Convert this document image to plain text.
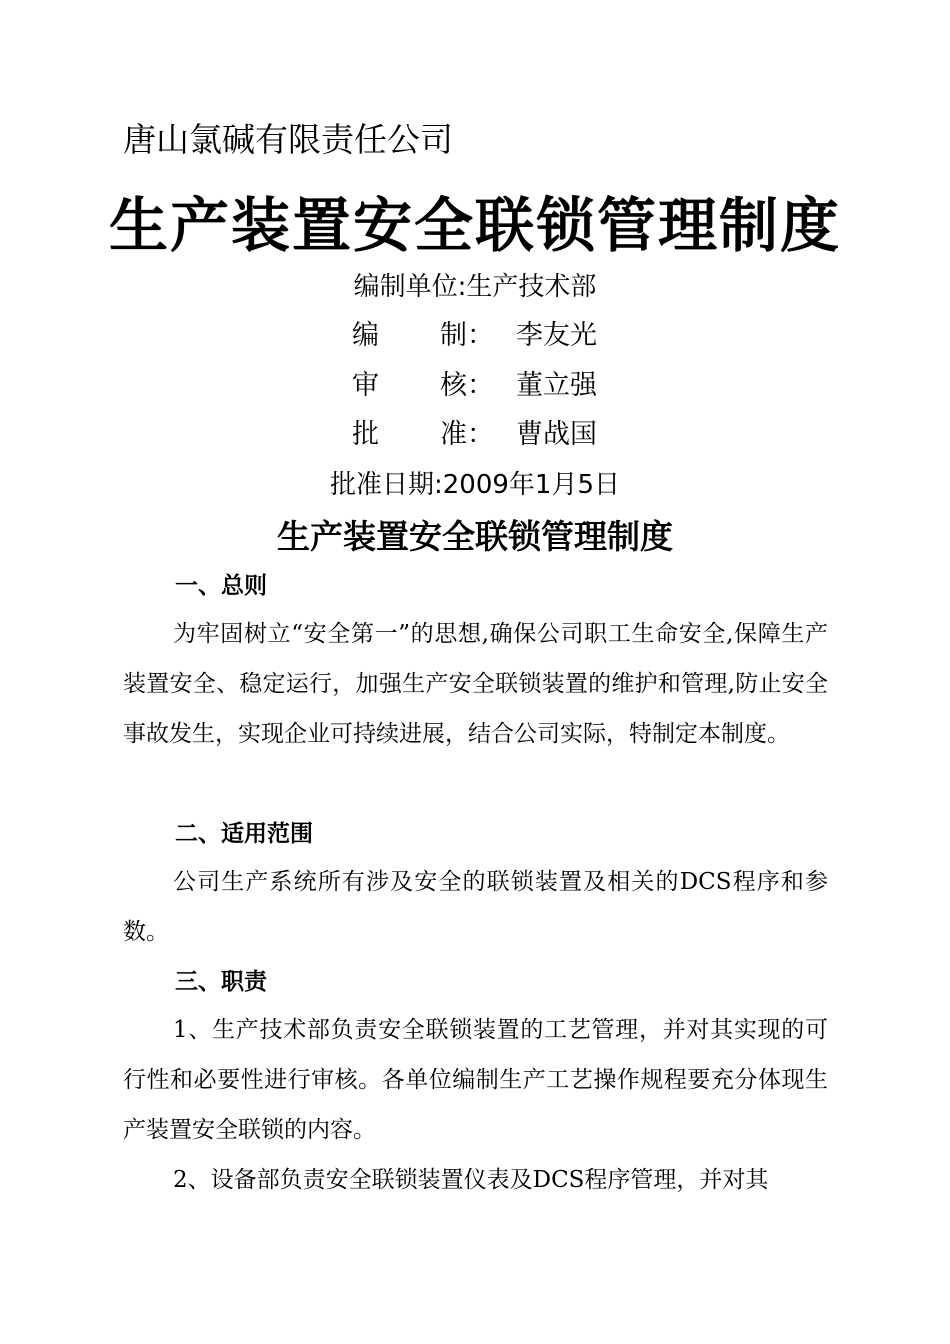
唐山氯碱有限责任公司
生产装置安全联锁管理制度
编制单位:生产技术部
编 制： 李友光
审 核： 董立强
批 准： 曹战国
批准日期:2009年1月5日
生产装置安全联锁管理制度
一、总则
为牢固树立“安全第一”的思想,确保公司职工生命安全,保障生产装置安全、稳定运行，加强生产安全联锁装置的维护和管理,防止安全事故发生，实现企业可持续进展，结合公司实际，特制定本制度。
二、适用范围
公司生产系统所有涉及安全的联锁装置及相关的DCS程序和参数。
三、职责
1、生产技术部负责安全联锁装置的工艺管理，并对其实现的可行性和必要性进行审核。各单位编制生产工艺操作规程要充分体现生产装置安全联锁的内容。
2、设备部负责安全联锁装置仪表及DCS程序管理，并对其
